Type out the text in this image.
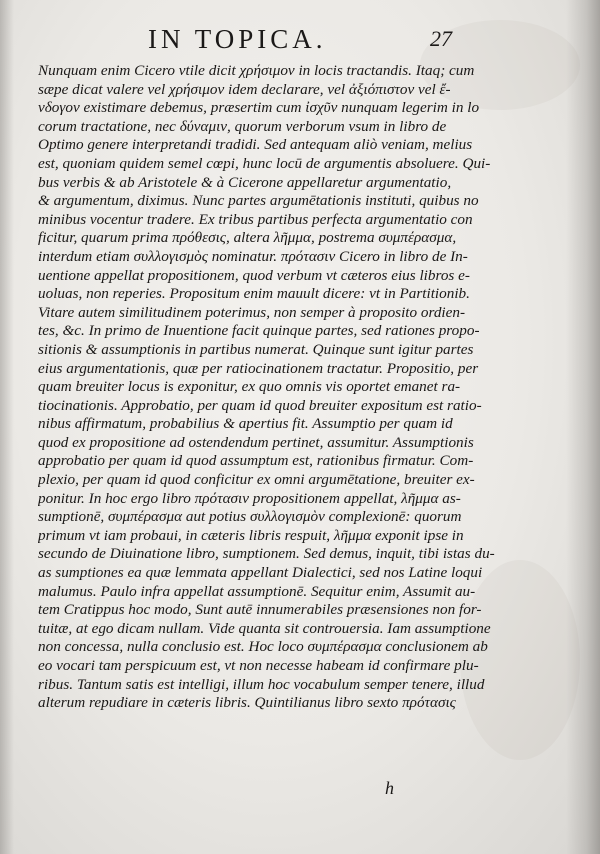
IN TOPICA.	27
Nunquam enim Cicero vtile dicit χρήσιμον in locis tractandis. Itaq; cum
sæpe dicat valere vel χρήσιμον idem declarare, vel ἀξιόπιστον vel ἔ-
νδογον existimare debemus, præsertim cum ἰσχῦν nunquam legerim in lo
corum tractatione, nec δύναμιν, quorum verborum vsum in libro de
Optimo genere interpretandi tradidi. Sed antequam aliò veniam, melius
est, quoniam quidem semel cœpi, hunc locū de argumentis absoluere. Qui-
bus verbis & ab Aristotele & à Cicerone appellaretur argumentatio,
& argumentum, diximus. Nunc partes argumētationis instituti, quibus no
minibus vocentur tradere. Ex tribus partibus perfecta argumentatio con
ficitur, quarum prima πρόθεσις, altera λῆμμα, postrema συμπέρασμα,
interdum etiam συλλογισμὸς nominatur. πρότασιν Cicero in libro de In-
uentione appellat propositionem, quod verbum vt cæteros eius libros e-
uoluas, non reperies. Propositum enim mauult dicere: vt in Partitionib.
Vitare autem similitudinem poterimus, non semper à proposito ordien-
tes, &c. In primo de Inuentione facit quinque partes, sed rationes propo-
sitionis & assumptionis in partibus numerat. Quinque sunt igitur partes
eius argumentationis, quæ per ratiocinationem tractatur. Propositio, per
quam breuiter locus is exponitur, ex quo omnis vis oportet emanet ra-
tiocinationis. Approbatio, per quam id quod breuiter expositum est ratio-
nibus affirmatum, probabilius & apertius fit. Assumptio per quam id
quod ex propositione ad ostendendum pertinet, assumitur. Assumptionis
approbatio per quam id quod assumptum est, rationibus firmatur. Com-
plexio, per quam id quod conficitur ex omni argumētatione, breuiter ex-
ponitur. In hoc ergo libro πρότασιν propositionem appellat, λῆμμα as-
sumptionē, συμπέρασμα aut potius συλλογισμὸν complexionē: quorum
primum vt iam probaui, in cæteris libris respuit, λῆμμα exponit ipse in
secundo de Diuinatione libro, sumptionem. Sed demus, inquit, tibi istas du-
as sumptiones ea quæ lemmata appellant Dialectici, sed nos Latine loqui
malumus. Paulo infra appellat assumptionē. Sequitur enim, Assumit au-
tem Cratippus hoc modo, Sunt autē innumerabiles præsensiones non for-
tuitæ, at ego dicam nullam. Vide quanta sit controuersia. Iam assumptione
non concessa, nulla conclusio est. Hoc loco συμπέρασμα conclusionem ab
eo vocari tam perspicuum est, vt non necesse habeam id confirmare plu-
ribus. Tantum satis est intelligi, illum hoc vocabulum semper tenere, illud
alterum repudiare in cæteris libris. Quintilianus libro sexto πρότασις
h
